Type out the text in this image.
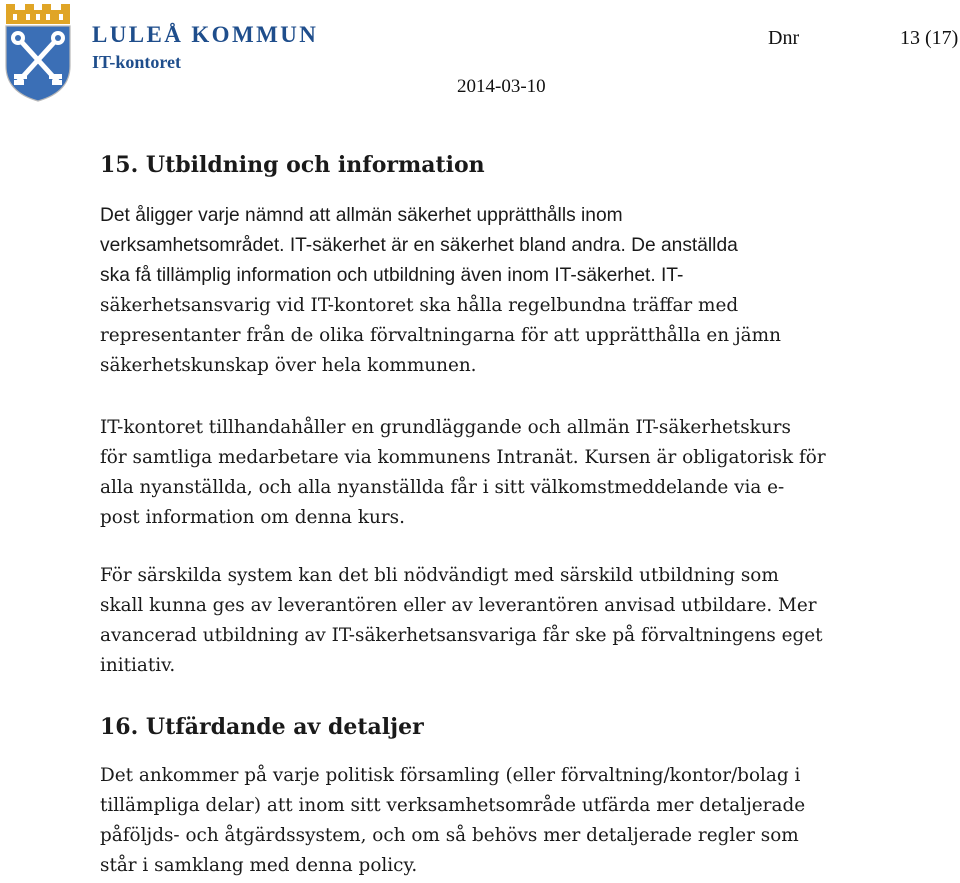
LULEÅ KOMMUN
IT-kontoret
Dnr	13 (17)
2014-03-10
15. Utbildning och information

Det åligger varje nämnd att allmän säkerhet upprätthålls inom
verksamhetsområdet. IT-säkerhet är en säkerhet bland andra. De anställda
ska få tillämplig information och utbildning även inom IT-säkerhet. IT-
säkerhetsansvarig vid IT-kontoret ska hålla regelbundna träffar med
representanter från de olika förvaltningarna för att upprätthålla en jämn
säkerhetskunskap över hela kommunen.

IT-kontoret tillhandahåller en grundläggande och allmän IT-säkerhetskurs
för samtliga medarbetare via kommunens Intranät. Kursen är obligatorisk för
alla nyanställda, och alla nyanställda får i sitt välkomstmeddelande via e-
post information om denna kurs.

För särskilda system kan det bli nödvändigt med särskild utbildning som
skall kunna ges av leverantören eller av leverantören anvisad utbildare. Mer
avancerad utbildning av IT-säkerhetsansvariga får ske på förvaltningens eget
initiativ.

16. Utfärdande av detaljer

Det ankommer på varje politisk församling (eller förvaltning/kontor/bolag i
tillämpliga delar) att inom sitt verksamhetsområde utfärda mer detaljerade
påföljds- och åtgärdssystem, och om så behövs mer detaljerade regler som
står i samklang med denna policy.
